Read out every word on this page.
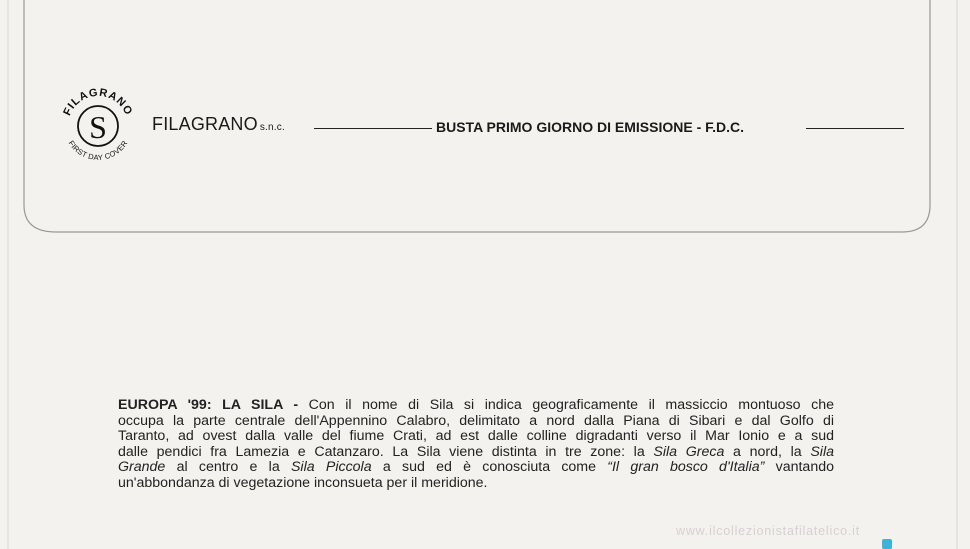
FILAGRANO
FIRST DAY COVER
S	FILAGRANO s.n.c.	BUSTA PRIMO GIORNO DI EMISSIONE - F.D.C.
EUROPA '99: LA SILA - Con il nome di Sila si indica geograficamente il massiccio montuoso che
occupa la parte centrale dell'Appennino Calabro, delimitato a nord dalla Piana di Sibari e dal Golfo di
Taranto, ad ovest dalla valle del fiume Crati, ad est dalle colline digradanti verso il Mar Ionio e a sud
dalle pendici fra Lamezia e Catanzaro. La Sila viene distinta in tre zone: la Sila Greca a nord, la Sila
Grande al centro e la Sila Piccola a sud ed è conosciuta come “Il gran bosco d'Italia” vantando
un'abbondanza di vegetazione inconsueta per il meridione.
www.ilcollezionistafilatelico.it
